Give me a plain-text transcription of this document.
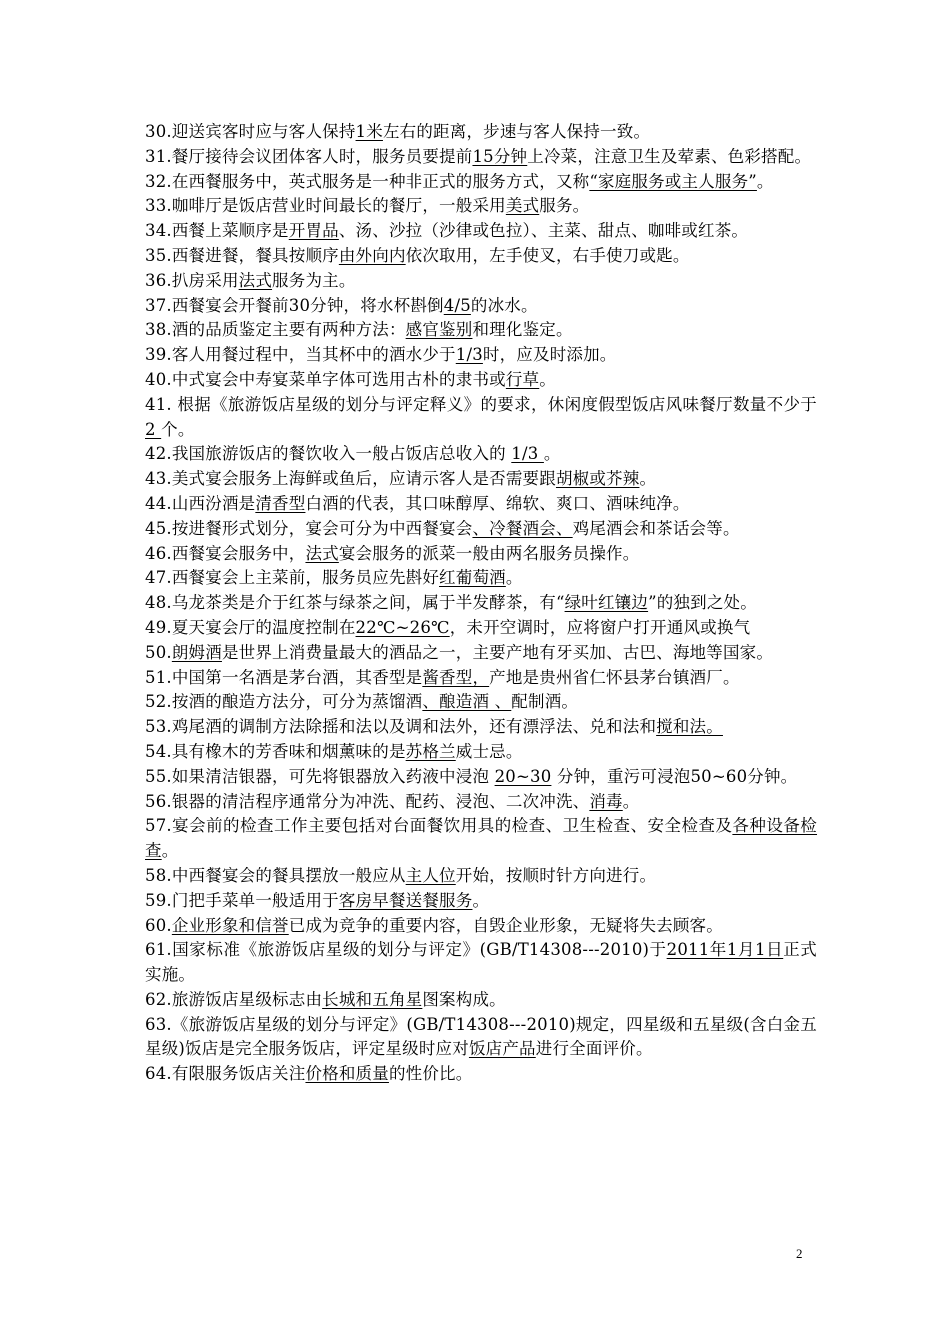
30.迎送宾客时应与客人保持1米左右的距离，步速与客人保持一致。

31.餐厅接待会议团体客人时，服务员要提前15分钟上冷菜，注意卫生及荤素、色彩搭配。

32.在西餐服务中，英式服务是一种非正式的服务方式，又称“家庭服务或主人服务”。

33.咖啡厅是饭店营业时间最长的餐厅，一般采用美式服务。

34.西餐上菜顺序是开胃品、汤、沙拉（沙律或色拉）、主菜、甜点、咖啡或红茶。

35.西餐进餐，餐具按顺序由外向内依次取用，左手使叉，右手使刀或匙。

36.扒房采用法式服务为主。

37.西餐宴会开餐前30分钟，将水杯斟倒4/5的冰水。

38.酒的品质鉴定主要有两种方法：感官鉴别和理化鉴定。

39.客人用餐过程中，当其杯中的酒水少于1/3时，应及时添加。

40.中式宴会中寿宴菜单字体可选用古朴的隶书或行草。

41. 根据《旅游饭店星级的划分与评定释义》的要求，休闲度假型饭店风味餐厅数量不少于 2 个。

42.我国旅游饭店的餐饮收入一般占饭店总收入的 1/3 。

43.美式宴会服务上海鲜或鱼后，应请示客人是否需要跟胡椒或芥辣。

44.山西汾酒是清香型白酒的代表，其口味醇厚、绵软、爽口、酒味纯净。

45.按进餐形式划分，宴会可分为中西餐宴会、冷餐酒会、鸡尾酒会和茶话会等。

46.西餐宴会服务中，法式宴会服务的派菜一般由两名服务员操作。

47.西餐宴会上主菜前，服务员应先斟好红葡萄酒。

48.乌龙茶类是介于红茶与绿茶之间，属于半发酵茶，有“绿叶红镶边”的独到之处。

49.夏天宴会厅的温度控制在22℃~26℃，未开空调时，应将窗户打开通风或换气

50.朗姆酒是世界上消费量最大的酒品之一，主要产地有牙买加、古巴、海地等国家。

51.中国第一名酒是茅台酒，其香型是酱香型，产地是贵州省仁怀县茅台镇酒厂。

52.按酒的酿造方法分，可分为蒸馏酒、酿造酒 、配制酒。

53.鸡尾酒的调制方法除摇和法以及调和法外，还有漂浮法、兑和法和搅和法。

54.具有橡木的芳香味和烟薰味的是苏格兰威士忌。

55.如果清洁银器，可先将银器放入药液中浸泡 20~30 分钟，重污可浸泡50~60分钟。

56.银器的清洁程序通常分为冲洗、配药、浸泡、二次冲洗、消毒。

57.宴会前的检查工作主要包括对台面餐饮用具的检查、卫生检查、安全检查及各种设备检查。

58.中西餐宴会的餐具摆放一般应从主人位开始，按顺时针方向进行。

59.门把手菜单一般适用于客房早餐送餐服务。

60.企业形象和信誉已成为竞争的重要内容，自毁企业形象，无疑将失去顾客。

61.国家标准《旅游饭店星级的划分与评定》(GB/T14308---2010)于2011年1月1日正式实施。

62.旅游饭店星级标志由长城和五角星图案构成。

63.《旅游饭店星级的划分与评定》(GB/T14308---2010)规定，四星级和五星级(含白金五星级)饭店是完全服务饭店，评定星级时应对饭店产品进行全面评价。

64.有限服务饭店关注价格和质量的性价比。

2
